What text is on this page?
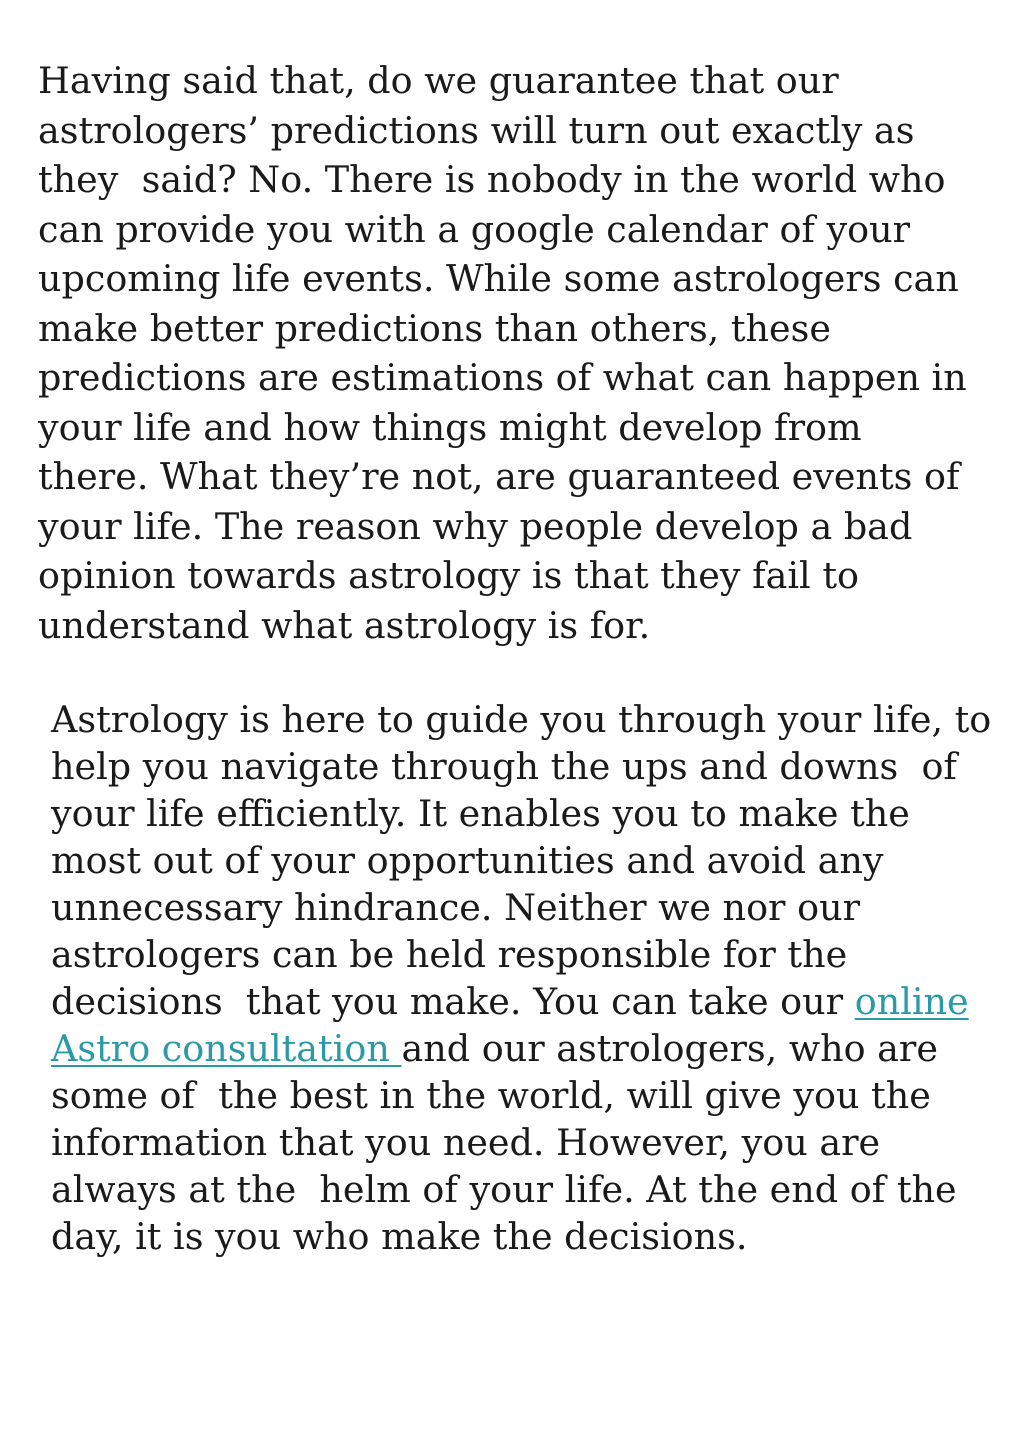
Having said that, do we guarantee that our
astrologers’ predictions will turn out exactly as
they  said? No. There is nobody in the world who
can provide you with a google calendar of your
upcoming life events. While some astrologers can
make better predictions than others, these
predictions are estimations of what can happen in
your life and how things might develop from
there. What they’re not, are guaranteed events of
your life. The reason why people develop a bad
opinion towards astrology is that they fail to
understand what astrology is for.

Astrology is here to guide you through your life, to
help you navigate through the ups and downs  of
your life efficiently. It enables you to make the
most out of your opportunities and avoid any
unnecessary hindrance. Neither we nor our
astrologers can be held responsible for the
decisions  that you make. You can take our online
Astro consultation and our astrologers, who are
some of  the best in the world, will give you the
information that you need. However, you are
always at the  helm of your life. At the end of the
day, it is you who make the decisions.
